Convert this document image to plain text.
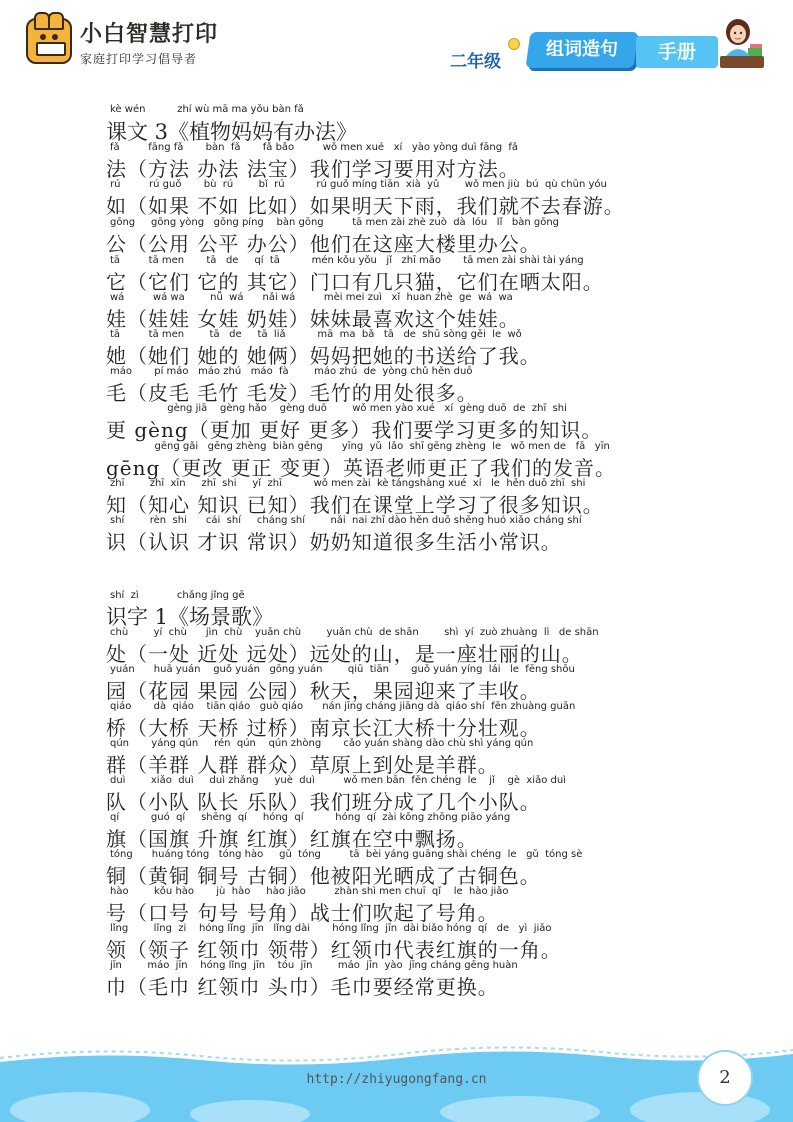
小白智慧打印
家庭打印学习倡导者	二年级
组词造句	手册
kè wén          zhí wù mā ma yǒu bàn fǎ
课文 3《植物妈妈有办法》
fǎ         fāng fǎ       bàn  fǎ       fǎ bǎo         wǒ men xué   xí   yào yòng duì fāng  fǎ
法（方法 办法 法宝）我们学习要用对方法。
rú         rú guǒ       bù  rú        bǐ  rú          rú guǒ míng tiān  xià  yǔ        wǒ men jiù  bú  qù chūn yóu
如（如果 不如 比如）如果明天下雨，我们就不去春游。
gōng     gōng yòng   gōng píng    bàn gōng         tā men zài zhè zuò  dà  lóu   lǐ   bàn gōng
公（公用 公平 办公）他们在这座大楼里办公。
tā         tā men       tā   de     qí  tā          mén kǒu yǒu   jǐ   zhī māo       tā men zài shài tài yáng
它（它们 它的 其它）门口有几只猫，它们在晒太阳。
wá         wá wa        nǚ  wá      nǎi wá         mèi mei zuì   xǐ  huan zhè  ge  wá  wa
娃（娃娃 女娃 奶娃）妹妹最喜欢这个娃娃。
tā         tā men        tā   de     tā  liǎ          mā  ma  bǎ   tā   de  shū sòng gěi  le  wǒ
她（她们 她的 她俩）妈妈把她的书送给了我。
máo       pí máo   máo zhú   máo  fà        máo zhú  de  yòng chǔ hěn duō
毛（皮毛 毛竹 毛发）毛竹的用处很多。
gèng jiā    gèng hǎo    gèng duō        wǒ men yào xué   xí  gèng duō  de  zhī  shi
更 gèng（更加 更好 更多）我们要学习更多的知识。
gēng gǎi   gēng zhèng  biàn gēng      yīng  yǔ  lǎo  shī gēng zhèng  le   wǒ men de   fā   yīn
gēng（更改 更正 变更）英语老师更正了我们的发音。
zhī        zhī  xīn     zhī  shi     yǐ  zhī          wǒ men zài  kè tángshàng xué  xí   le  hěn duō zhī  shi
知（知心 知识 已知）我们在课堂上学习了很多知识。
shí        rèn  shi      cái  shí     cháng shí        nǎi  nai zhī dào hěn duō shēng huó xiǎo cháng shí
识（认识 才识 常识）奶奶知道很多生活小常识。
shí  zì            chǎng jǐng gē
识字 1《场景歌》
chù        yí  chù      jìn  chù    yuǎn chù        yuǎn chù  de shān        shì  yí  zuò zhuàng  lì   de shān
处（一处 近处 远处）远处的山，是一座壮丽的山。
yuán      huā yuán    guǒ yuán   gōng yuán        qiū  tiān       guǒ yuán yíng  lái   le  fēng shōu
园（花园 果园 公园）秋天，果园迎来了丰收。
qiáo       dà  qiáo    tiān qiáo   guò qiáo      nán jīng cháng jiāng dà  qiáo shí  fēn zhuàng guān
桥（大桥 天桥 过桥）南京长江大桥十分壮观。
qún       yáng qún     rén  qún    qún zhòng       cǎo yuán shàng dào chù shì yáng qún
群（羊群 人群 群众）草原上到处是羊群。
duì        xiǎo  duì     duì zhǎng     yuè  duì         wǒ men bān  fēn chéng  le    jǐ    gè  xiǎo duì
队（小队 队长 乐队）我们班分成了几个小队。
qí          guó  qí     shēng  qí     hóng  qí          hóng  qí  zài kōng zhōng piāo yáng
旗（国旗 升旗 红旗）红旗在空中飘扬。
tóng      huáng tóng   tóng hào     gǔ  tóng         tā  bèi yáng guāng shài chéng  le   gǔ  tóng sè
铜（黄铜 铜号 古铜）他被阳光晒成了古铜色。
hào        kǒu hào       jù  hào     hào jiǎo         zhàn shì men chuī  qǐ    le  hào jiǎo
号（口号 句号 号角）战士们吹起了号角。
lǐng        lǐng  zi    hóng lǐng  jīn   lǐng dài       hóng lǐng  jīn  dài biǎo hóng  qí   de   yì  jiǎo
领（领子 红领巾 领带）红领巾代表红旗的一角。
jīn        máo  jīn    hóng lǐng  jīn    tóu  jīn        máo  jīn  yào  jīng cháng gēng huàn
巾（毛巾 红领巾 头巾）毛巾要经常更换。
http://zhiyugongfang.cn	2
